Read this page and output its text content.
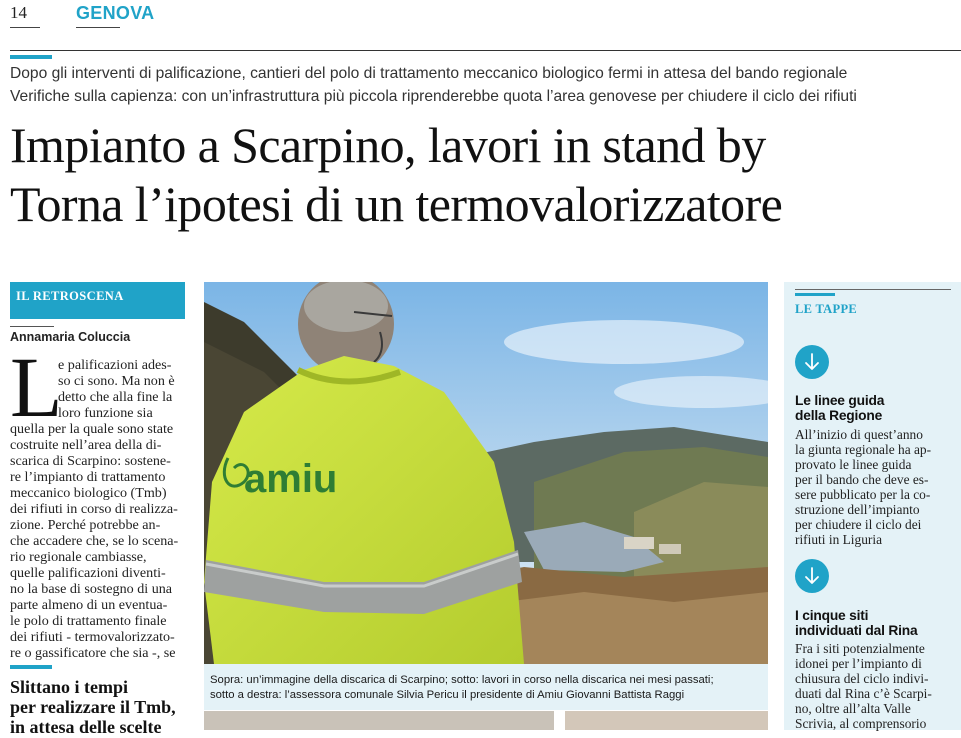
14	GENOVA
Dopo gli interventi di palificazione, cantieri del polo di trattamento meccanico biologico fermi in attesa del bando regionale
Verifiche sulla capienza: con un’infrastruttura più piccola riprenderebbe quota l’area genovese per chiudere il ciclo dei rifiuti
Impianto a Scarpino, lavori in stand by
Torna l’ipotesi di un termovalorizzatore
IL RETROSCENA
Annamaria Coluccia
L
e palificazioni ades-
so ci sono. Ma non è
detto che alla fine la
loro funzione sia
quella per la quale sono state
costruite nell’area della di-
scarica di Scarpino: sostene-
re l’impianto di trattamento
meccanico biologico (Tmb)
dei rifiuti in corso di realizza-
zione. Perché potrebbe an-
che accadere che, se lo scena-
rio regionale cambiasse,
quelle palificazioni diventi-
no la base di sostegno di una
parte almeno di un eventua-
le polo di trattamento finale
dei rifiuti - termovalorizzato-
re o gassificatore che sia -, se
Slittano i tempi
per realizzare il Tmb,
in attesa delle scelte
amiu
Sopra: un’immagine della discarica di Scarpino; sotto: lavori in corso nella discarica nei mesi passati;
sotto a destra: l’assessora comunale Silvia Pericu il presidente di Amiu Giovanni Battista Raggi
LE TAPPE
Le linee guida
della Regione
All’inizio di quest’anno
la giunta regionale ha ap-
provato le linee guida
per il bando che deve es-
sere pubblicato per la co-
struzione dell’impianto
per chiudere il ciclo dei
rifiuti in Liguria
I cinque siti
individuati dal Rina
Fra i siti potenzialmente
idonei per l’impianto di
chiusura del ciclo indivi-
duati dal Rina c’è Scarpi-
no, oltre all’alta Valle
Scrivia, al comprensorio
